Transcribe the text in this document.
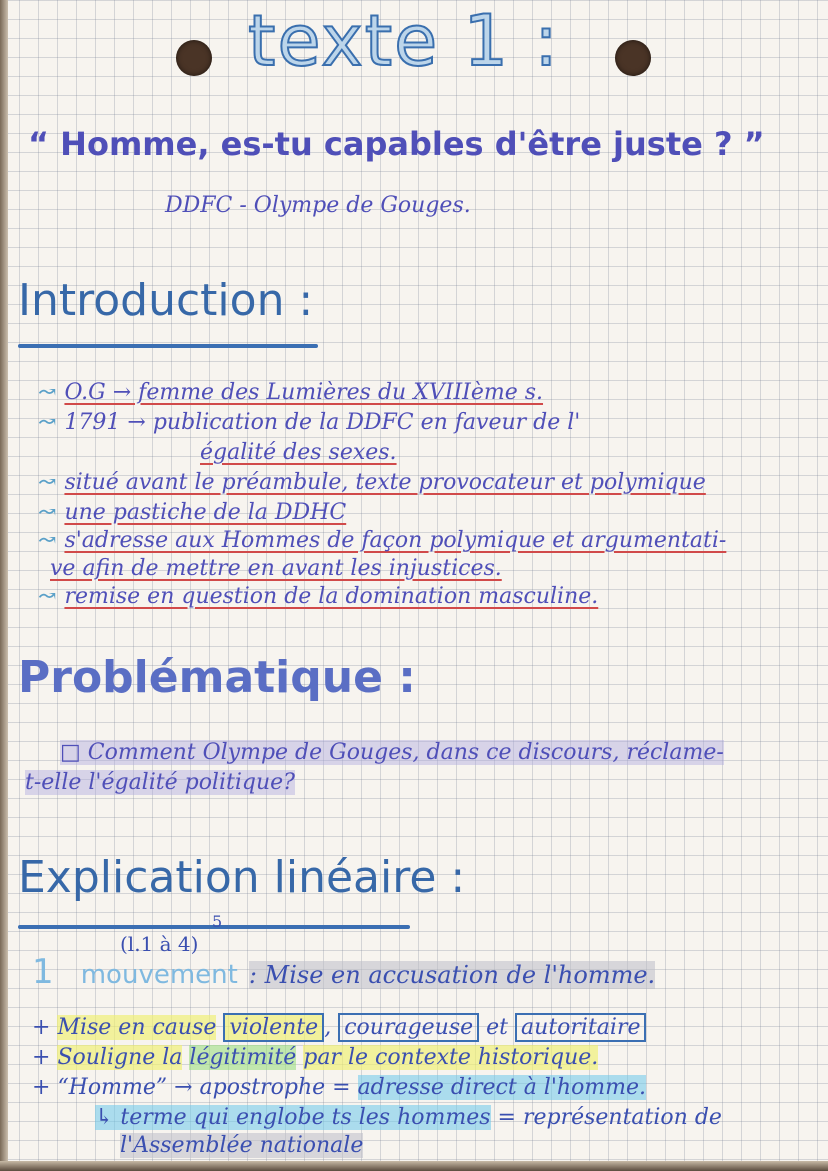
texte 1 :
“ Homme, es-tu capables d'être juste ? ”
DDFC - Olympe de Gouges.
Introduction :
↝ O.G → femme des Lumières du XVIIIème s.
↝ 1791 → publication de la DDFC en faveur de l'
égalité des sexes.
↝ situé avant le préambule, texte provocateur et polymique
↝ une pastiche de la DDHC
↝ s'adresse aux Hommes de façon polymique et argumentati-
ve afin de mettre en avant les injustices.
↝ remise en question de la domination masculine.
Problématique :
□ Comment Olympe de Gouges, dans ce discours, réclame-
t-elle l'égalité politique?
Explication linéaire :
5
(l.1 à 4)
1 mouvement : Mise en accusation de l'homme.
+ Mise en cause violente , courageuse et autoritaire
+ Souligne la légitimité par le contexte historique.
+ “Homme” → apostrophe = adresse direct à l'homme.
↳ terme qui englobe ts les hommes = représentation de
l'Assemblée nationale
